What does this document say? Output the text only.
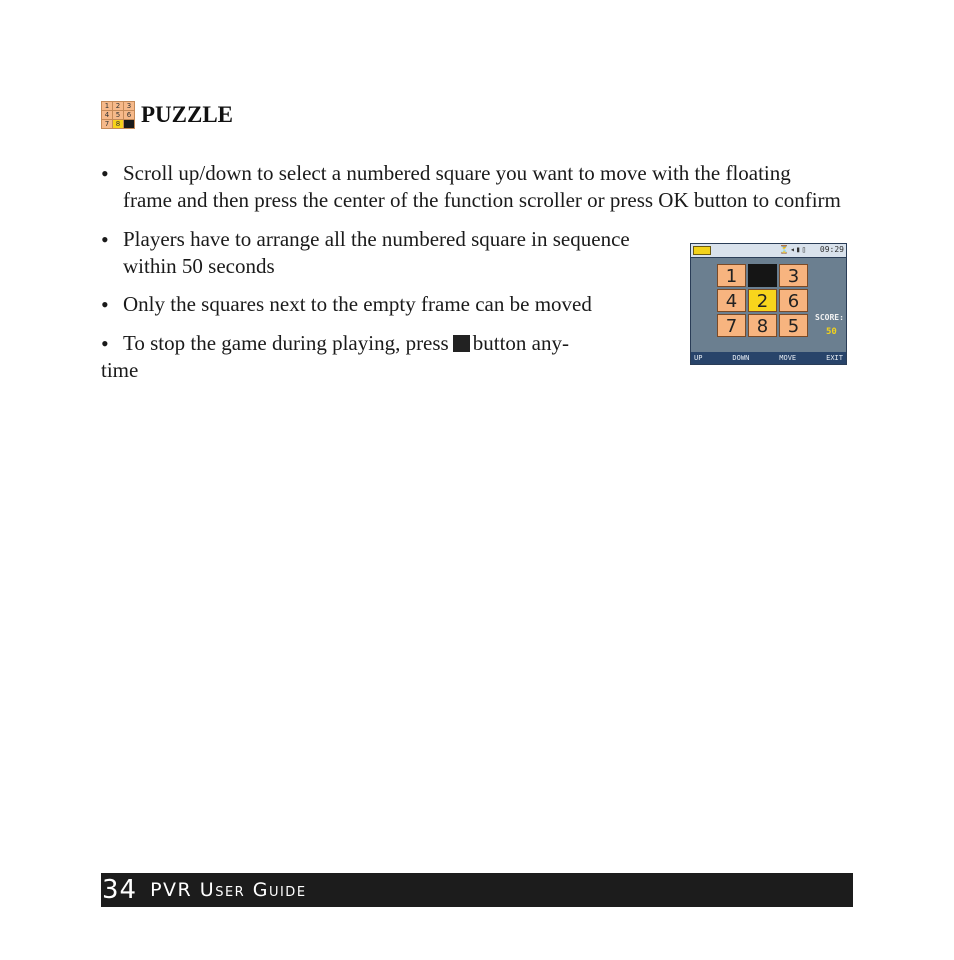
1 2 3
4 5 6
7 8 PUZZLE

• Scroll up/down to select a numbered square you want to move with the floating frame and then press the center of the function scroller or press OK button to confirm

• Players have to arrange all the numbered square in sequence within 50 seconds

• Only the squares next to the empty frame can be moved

• To stop the game during playing, press button any-
time

⏳◂▮▯ 09:29
1	3
4	2	6
7	8	5	SCORE:
50
UP	DOWN	MOVE	EXIT
34 PVR User Guide
